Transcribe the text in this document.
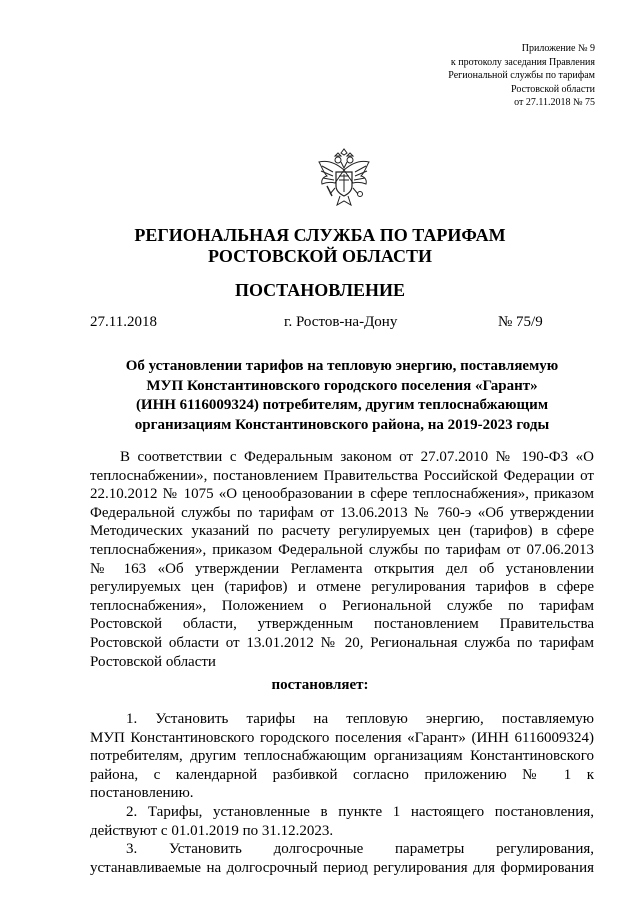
Приложение № 9
к протоколу заседания Правления
Региональной службы по тарифам
Ростовской области
от 27.11.2018 № 75
РЕГИОНАЛЬНАЯ СЛУЖБА ПО ТАРИФАМ
РОСТОВСКОЙ ОБЛАСТИ
ПОСТАНОВЛЕНИЕ
27.11.2018	г. Ростов-на-Дону	№ 75/9
Об установлении тарифов на тепловую энергию, поставляемую
МУП Константиновского городского поселения «Гарант»
(ИНН 6116009324) потребителям, другим теплоснабжающим
организациям Константиновского района, на 2019-2023 годы
В соответствии с Федеральным законом от 27.07.2010 № 190-ФЗ «О
теплоснабжении», постановлением Правительства Российской Федерации от
22.10.2012 № 1075 «О ценообразовании в сфере теплоснабжения», приказом
Федеральной службы по тарифам от 13.06.2013 № 760-э «Об утверждении
Методических указаний по расчету регулируемых цен (тарифов) в сфере
теплоснабжения», приказом Федеральной службы по тарифам от 07.06.2013
№ 163 «Об утверждении Регламента открытия дел об установлении
регулируемых цен (тарифов) и отмене регулирования тарифов в сфере
теплоснабжения», Положением о Региональной службе по тарифам
Ростовской области, утвержденным постановлением Правительства
Ростовской области от 13.01.2012 № 20, Региональная служба по тарифам
Ростовской области
постановляет:
1. Установить тарифы на тепловую энергию, поставляемую
МУП Константиновского городского поселения «Гарант» (ИНН 6116009324)
потребителям, другим теплоснабжающим организациям Константиновского
района, с календарной разбивкой согласно приложению № 1 к
постановлению.
2. Тарифы, установленные в пункте 1 настоящего постановления,
действуют с 01.01.2019 по 31.12.2023.
3. Установить долгосрочные параметры регулирования,
устанавливаемые на долгосрочный период регулирования для формирования
